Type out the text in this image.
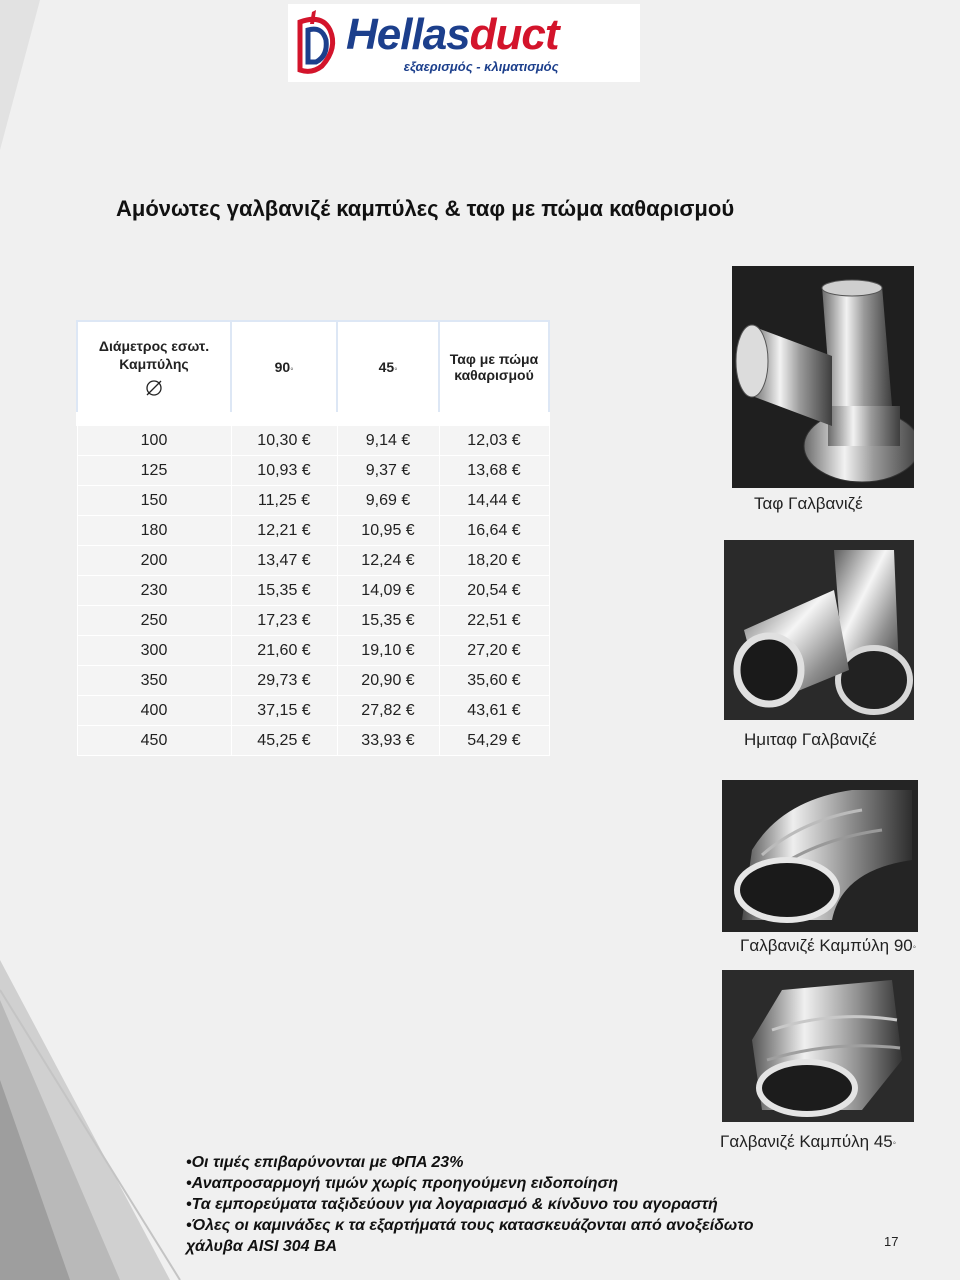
Hellasduct
εξαερισμός - κλιματισμός
Αμόνωτες γαλβανιζέ καμπύλες & ταφ με πώμα καθαρισμού
Διάμετρος εσωτ.
Καμπύλης	90◦	45◦	Ταφ με πώμα
καθαρισμού
100	10,30 €	9,14 €	12,03 €
125	10,93 €	9,37 €	13,68 €
150	11,25 €	9,69 €	14,44 €
180	12,21 €	10,95 €	16,64 €
200	13,47 €	12,24 €	18,20 €
230	15,35 €	14,09 €	20,54 €
250	17,23 €	15,35 €	22,51 €
300	21,60 €	19,10 €	27,20 €
350	29,73 €	20,90 €	35,60 €
400	37,15 €	27,82 €	43,61 €
450	45,25 €	33,93 €	54,29 €
Ταφ Γαλβανιζέ
Ημιταφ Γαλβανιζέ
Γαλβανιζέ Καμπύλη 90◦
Γαλβανιζέ Καμπύλη 45◦
•Οι τιμές επιβαρύνονται με ΦΠΑ 23%
•Αναπροσαρμογή τιμών χωρίς προηγούμενη ειδοποίηση
•Τα εμπορεύματα ταξιδεύουν για λογαριασμό & κίνδυνο του αγοραστή
•Όλες οι καμινάδες κ τα εξαρτήματά τους κατασκευάζονται από ανοξείδωτο
χάλυβα AISI 304 BA	17
